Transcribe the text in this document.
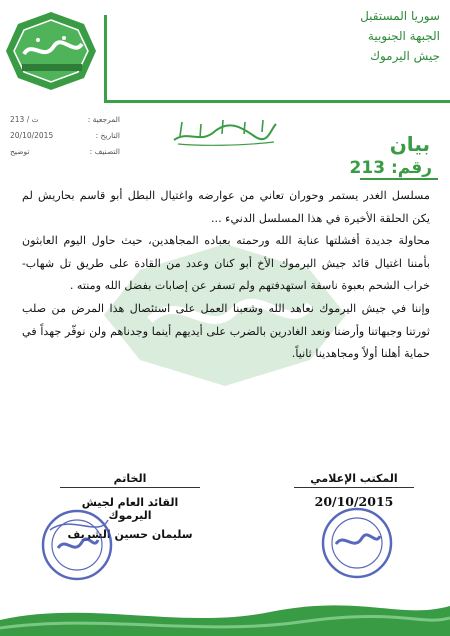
سوريا المستقبل
الجبهة الجنوبية
جيش اليرموك
المرجعية :
ت / 213
التاريخ :
20/10/2015
التصنيف :
توضيح	بيان
رقم: 213

مسلسل الغدر يستمر وحوران تعاني من عوارضه واغتيال البطل أبو قاسم بحاريش لم يكن الحلقة الأخيرة في هذا المسلسل الدنيء ...

محاولة جديدة أفشلتها عناية الله ورحمته بعباده المجاهدين، حيث حاول اليوم العابثون بأمننا اغتيال قائد جيش اليرموك الأخ أبو كنان وعدد من القادة على طريق تل شهاب- خراب الشحم بعبوة ناسفة استهدفتهم ولم تسفر عن إصابات بفضل الله ومنته .

وإننا في جيش اليرموك نعاهد الله وشعبنا العمل على استئصال هذا المرض من صلب ثورتنا وجبهاتنا وأرضنا ونعد الغادرين بالضرب على أيديهم أينما وجدناهم ولن نوفّر جهداً في حماية أهلنا أولاً ومجاهدينا ثانياً.

الخاتم
القائد العام لجيش اليرموك
سليمان حسين الشريف
المكتب الإعلامي
20/10/2015
